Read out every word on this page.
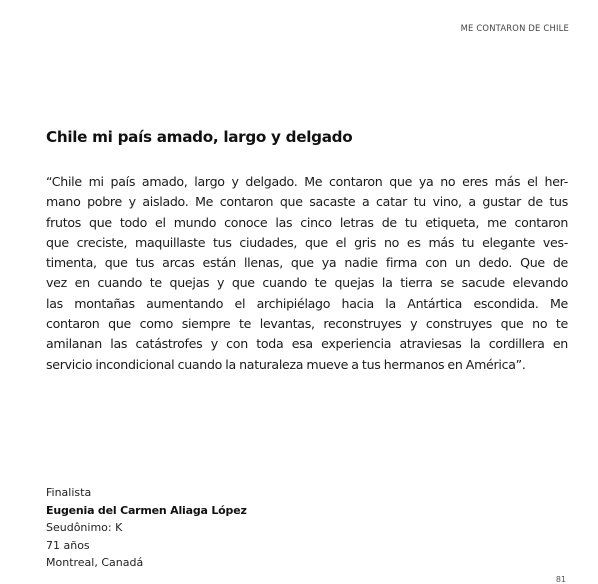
ME CONTARON DE CHILE
Chile mi país amado, largo y delgado
“Chile mi país amado, largo y delgado. Me contaron que ya no eres más el her-
mano pobre y aislado. Me contaron que sacaste a catar tu vino, a gustar de tus
frutos que todo el mundo conoce las cinco letras de tu etiqueta, me contaron
que creciste, maquillaste tus ciudades, que el gris no es más tu elegante ves-
timenta, que tus arcas están llenas, que ya nadie firma con un dedo. Que de
vez en cuando te quejas y que cuando te quejas la tierra se sacude elevando
las montañas aumentando el archipiélago hacia la Antártica escondida. Me
contaron que como siempre te levantas, reconstruyes y construyes que no te
amilanan las catástrofes y con toda esa experiencia atraviesas la cordillera en
servicio incondicional cuando la naturaleza mueve a tus hermanos en América”.
Finalista
Eugenia del Carmen Aliaga López
Seudônimo: K
71 años
Montreal, Canadá
81
